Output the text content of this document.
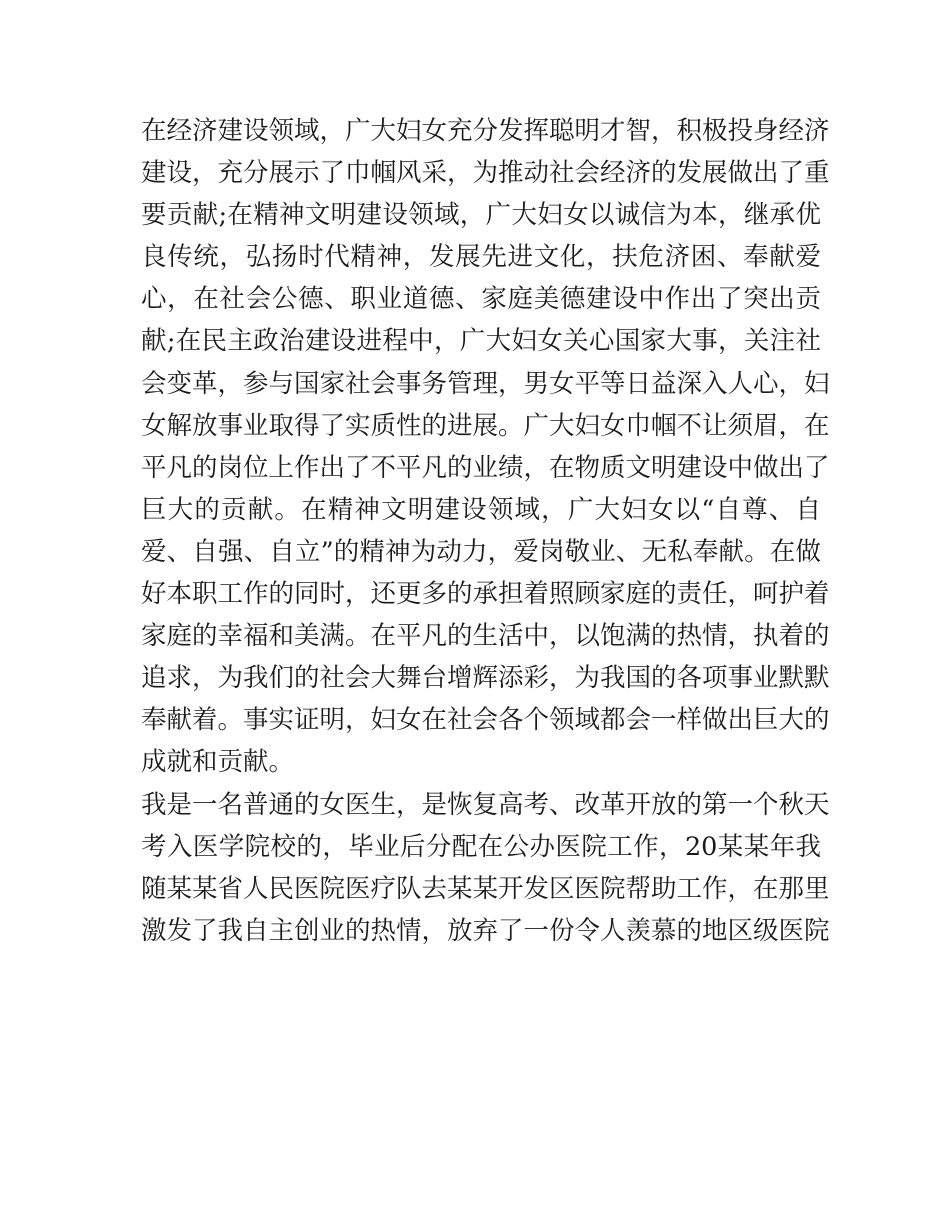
在经济建设领域，广大妇女充分发挥聪明才智，积极投身经济
建设，充分展示了巾帼风采，为推动社会经济的发展做出了重
要贡献;在精神文明建设领域，广大妇女以诚信为本，继承优
良传统，弘扬时代精神，发展先进文化，扶危济困、奉献爱
心，在社会公德、职业道德、家庭美德建设中作出了突出贡
献;在民主政治建设进程中，广大妇女关心国家大事，关注社
会变革，参与国家社会事务管理，男女平等日益深入人心，妇
女解放事业取得了实质性的进展。广大妇女巾帼不让须眉，在
平凡的岗位上作出了不平凡的业绩，在物质文明建设中做出了
巨大的贡献。在精神文明建设领域，广大妇女以“自尊、自
爱、自强、自立”的精神为动力，爱岗敬业、无私奉献。在做
好本职工作的同时，还更多的承担着照顾家庭的责任，呵护着
家庭的幸福和美满。在平凡的生活中，以饱满的热情，执着的
追求，为我们的社会大舞台增辉添彩，为我国的各项事业默默
奉献着。事实证明，妇女在社会各个领域都会一样做出巨大的
成就和贡献。
我是一名普通的女医生，是恢复高考、改革开放的第一个秋天
考入医学院校的，毕业后分配在公办医院工作，20某某年我
随某某省人民医院医疗队去某某开发区医院帮助工作，在那里
激发了我自主创业的热情，放弃了一份令人羡慕的地区级医院
